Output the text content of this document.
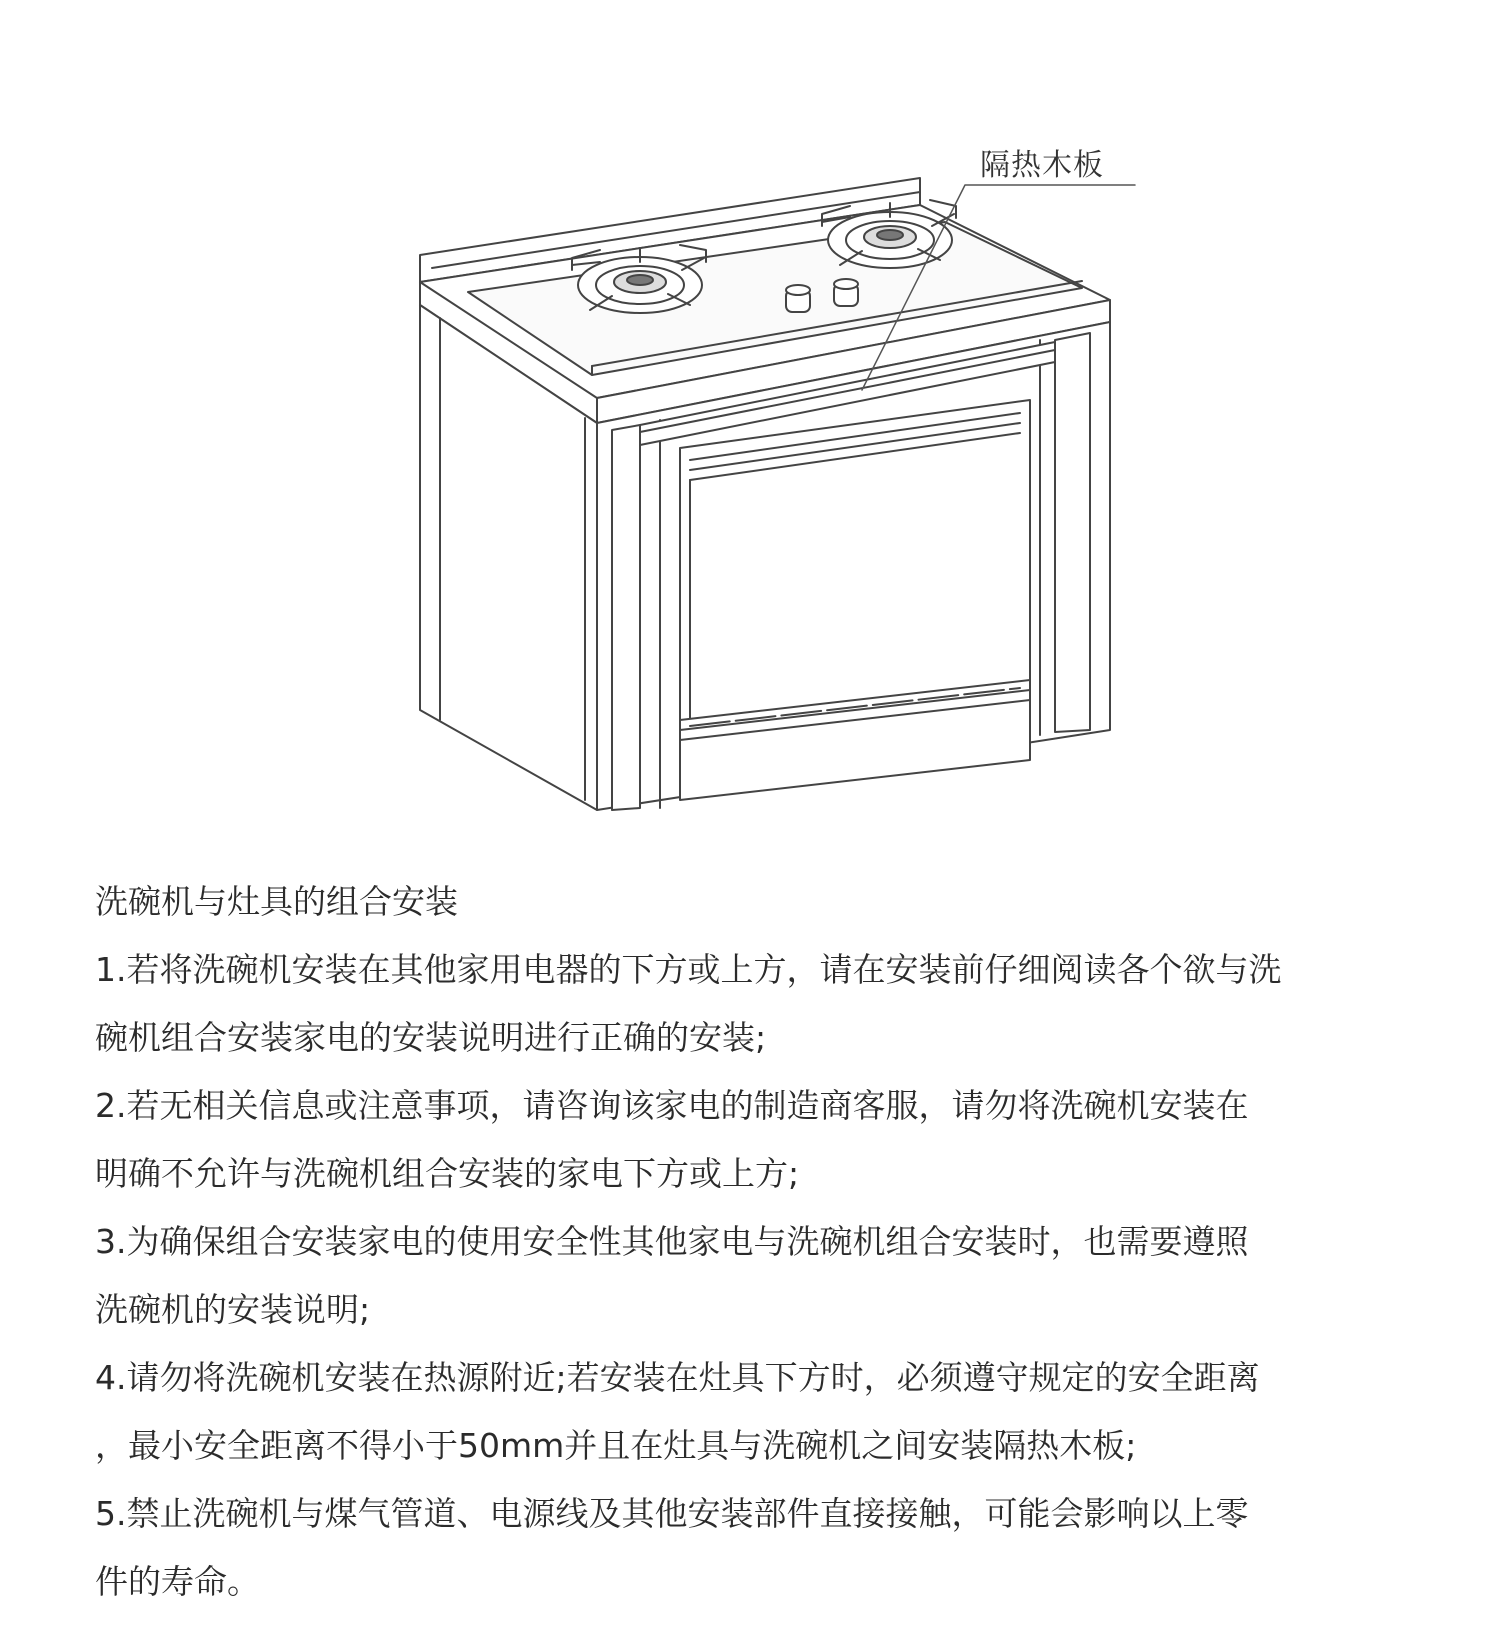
隔热木板

洗碗机与灶具的组合安装

1.若将洗碗机安装在其他家用电器的下方或上方，请在安装前仔细阅读各个欲与洗

碗机组合安装家电的安装说明进行正确的安装;

2.若无相关信息或注意事项，请咨询该家电的制造商客服，请勿将洗碗机安装在

明确不允许与洗碗机组合安装的家电下方或上方;

3.为确保组合安装家电的使用安全性其他家电与洗碗机组合安装时，也需要遵照

洗碗机的安装说明;

4.请勿将洗碗机安装在热源附近;若安装在灶具下方时，必须遵守规定的安全距离

，最小安全距离不得小于50mm并且在灶具与洗碗机之间安装隔热木板;

5.禁止洗碗机与煤气管道、电源线及其他安装部件直接接触，可能会影响以上零

件的寿命。
